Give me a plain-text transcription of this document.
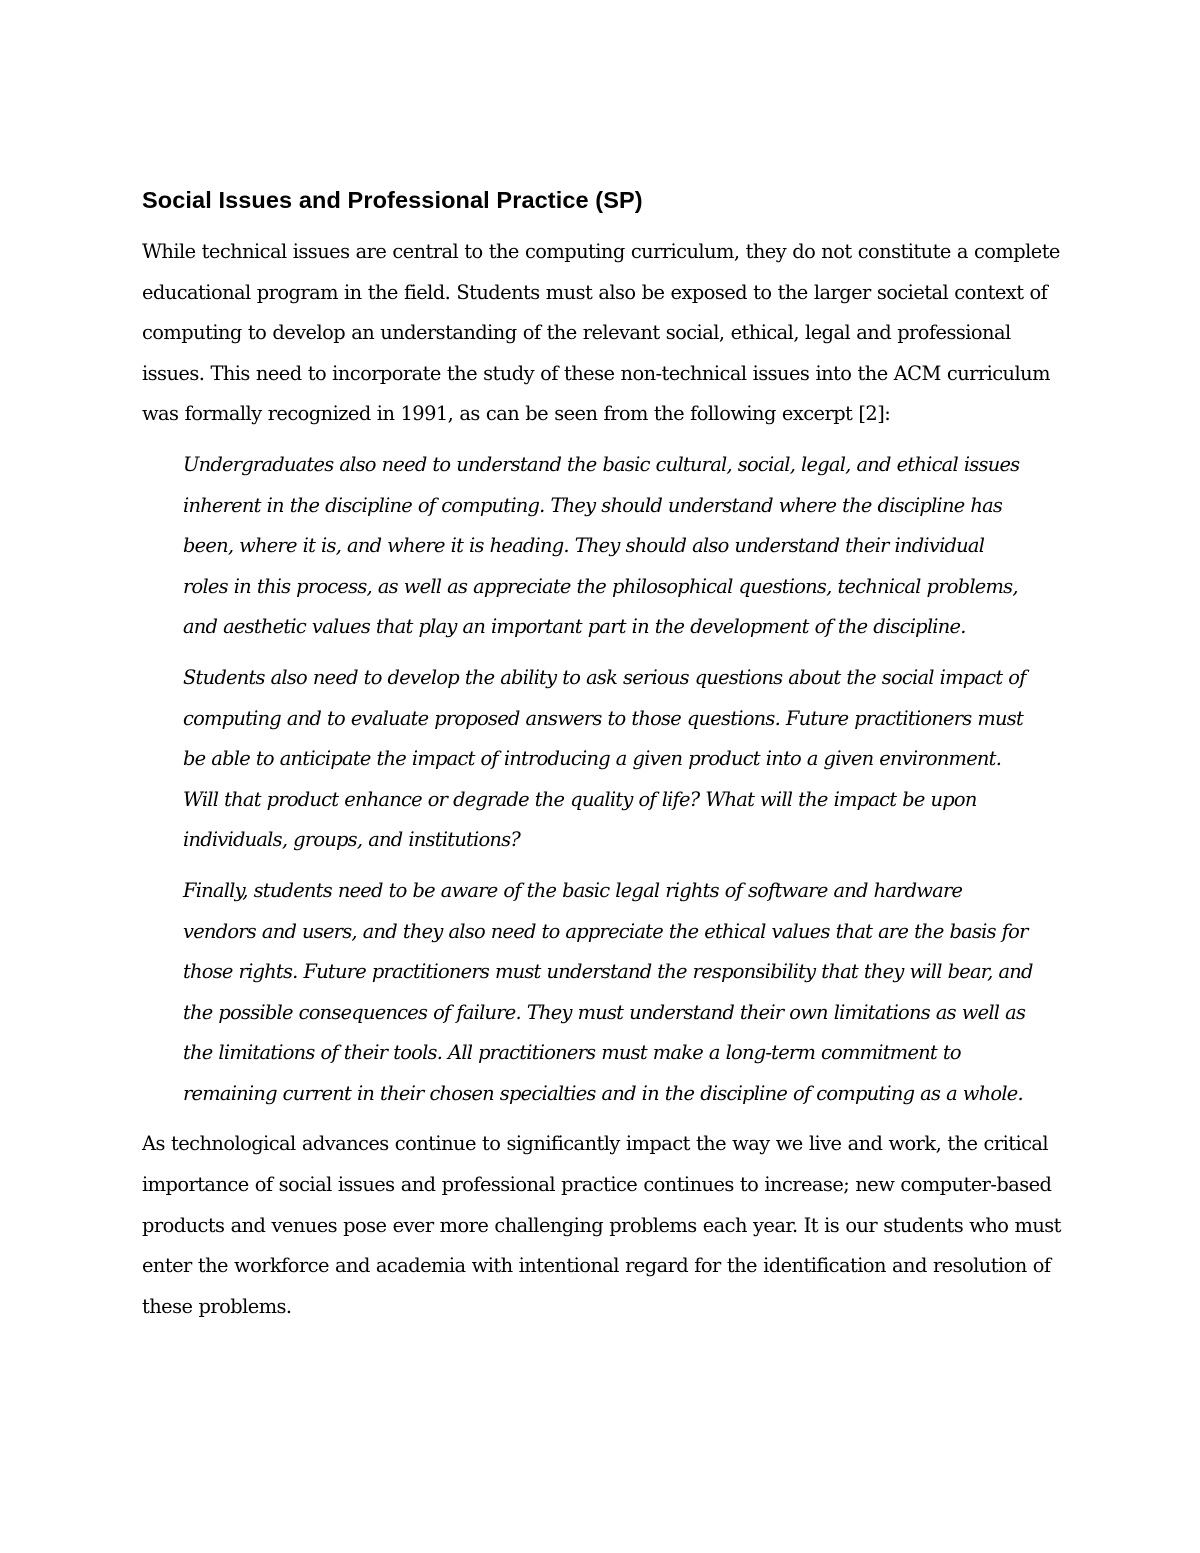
Social Issues and Professional Practice (SP)

While technical issues are central to the computing curriculum, they do not constitute a complete educational program in the field. Students must also be exposed to the larger societal context of computing to develop an understanding of the relevant social, ethical, legal and professional issues. This need to incorporate the study of these non-technical issues into the ACM curriculum was formally recognized in 1991, as can be seen from the following excerpt [2]:

Undergraduates also need to understand the basic cultural, social, legal, and ethical issues inherent in the discipline of computing. They should understand where the discipline has been, where it is, and where it is heading. They should also understand their individual roles in this process, as well as appreciate the philosophical questions, technical problems, and aesthetic values that play an important part in the development of the discipline.

Students also need to develop the ability to ask serious questions about the social impact of computing and to evaluate proposed answers to those questions. Future practitioners must be able to anticipate the impact of introducing a given product into a given environment. Will that product enhance or degrade the quality of life? What will the impact be upon individuals, groups, and institutions?

Finally, students need to be aware of the basic legal rights of software and hardware vendors and users, and they also need to appreciate the ethical values that are the basis for those rights. Future practitioners must understand the responsibility that they will bear, and the possible consequences of failure. They must understand their own limitations as well as the limitations of their tools. All practitioners must make a long-term commitment to remaining current in their chosen specialties and in the discipline of computing as a whole.

As technological advances continue to significantly impact the way we live and work, the critical importance of social issues and professional practice continues to increase; new computer-based products and venues pose ever more challenging problems each year. It is our students who must enter the workforce and academia with intentional regard for the identification and resolution of these problems.
